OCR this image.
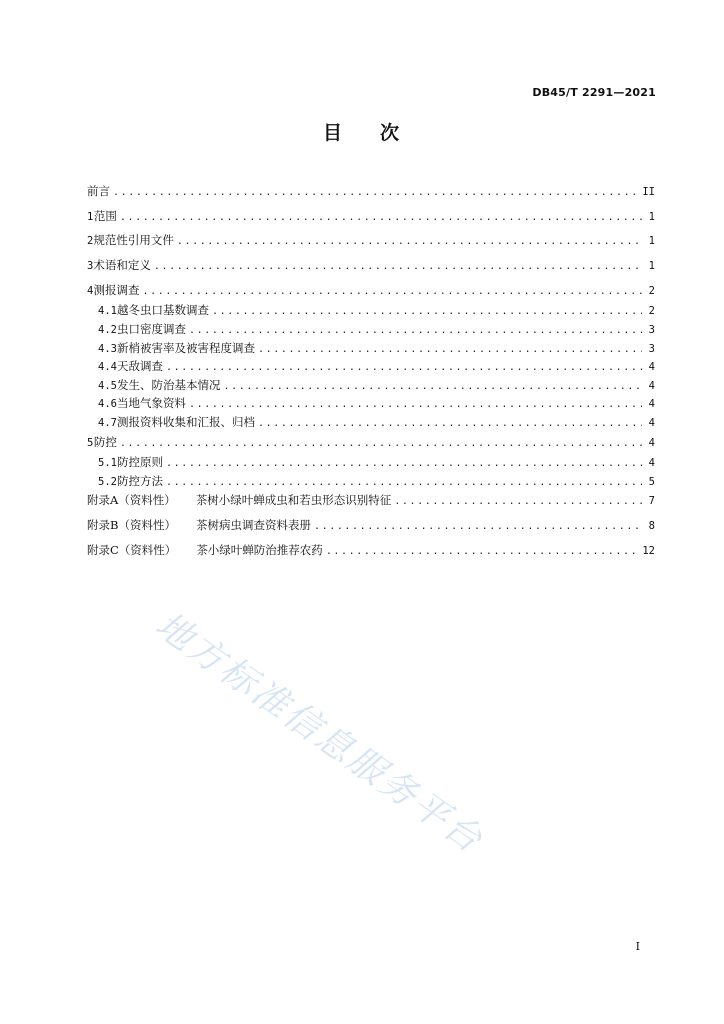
DB45/T 2291—2021
目 次
前言 .....	II
1 范围 .....	1
2 规范性引用文件 .....	1
3 术语和定义 .....	1
4 测报调查 .....	2
4.1 越冬虫口基数调查 .....	2
4.2 虫口密度调查 .....	3
4.3 新梢被害率及被害程度调查 .....	3
4.4 天敌调查 .....	4
4.5 发生、防治基本情况 .....	4
4.6 当地气象资料 .....	4
4.7 测报资料收集和汇报、归档 .....	4
5 防控 .....	4
5.1 防控原则 .....	4
5.2 防控方法 .....	5
附录A（资料性） 茶树小绿叶蝉成虫和若虫形态识别特征 .....	7
附录B（资料性） 茶树病虫调查资料表册 .....	8
附录C（资料性） 茶小绿叶蝉防治推荐农药 .....	12
地方标准信息服务平台
I
